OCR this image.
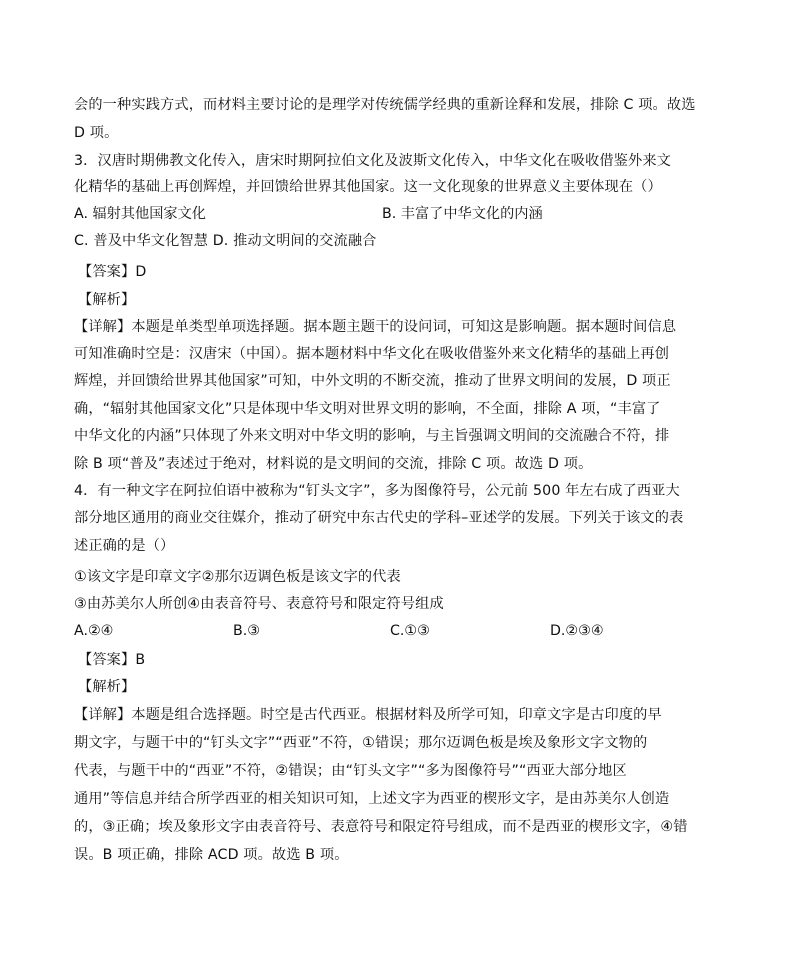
会的一种实践方式，而材料主要讨论的是理学对传统儒学经典的重新诠释和发展，排除 C 项。故选
D 项。
3．汉唐时期佛教文化传入，唐宋时期阿拉伯文化及波斯文化传入，中华文化在吸收借鉴外来文
化精华的基础上再创辉煌，并回馈给世界其他国家。这一文化现象的世界意义主要体现在（）
A. 辐射其他国家文化	B. 丰富了中华文化的内涵
C. 普及中华文化智慧 D. 推动文明间的交流融合
【答案】D
【解析】
【详解】本题是单类型单项选择题。据本题主题干的设问词，可知这是影响题。据本题时间信息
可知准确时空是：汉唐宋（中国）。据本题材料中华文化在吸收借鉴外来文化精华的基础上再创
辉煌，并回馈给世界其他国家”可知，中外文明的不断交流，推动了世界文明间的发展，D 项正
确，“辐射其他国家文化”只是体现中华文明对世界文明的影响，不全面，排除 A 项，“丰富了
中华文化的内涵”只体现了外来文明对中华文明的影响，与主旨强调文明间的交流融合不符，排
除 B 项“普及”表述过于绝对，材料说的是文明间的交流，排除 C 项。故选 D 项。
4．有一种文字在阿拉伯语中被称为“钉头文字”，多为图像符号，公元前 500 年左右成了西亚大
部分地区通用的商业交往媒介，推动了研究中东古代史的学科–亚述学的发展。下列关于该文的表
述正确的是（）
①该文字是印章文字②那尔迈调色板是该文字的代表
③由苏美尔人所创④由表音符号、表意符号和限定符号组成
A.②④	B.③	C.①③	D.②③④
【答案】B
【解析】
【详解】本题是组合选择题。时空是古代西亚。根据材料及所学可知，印章文字是古印度的早
期文字，与题干中的“钉头文字”“西亚”不符，①错误；那尔迈调色板是埃及象形文字文物的
代表，与题干中的“西亚”不符，②错误；由“钉头文字”“多为图像符号”“西亚大部分地区
通用”等信息并结合所学西亚的相关知识可知，上述文字为西亚的楔形文字，是由苏美尔人创造
的，③正确；埃及象形文字由表音符号、表意符号和限定符号组成，而不是西亚的楔形文字，④错
误。B 项正确，排除 ACD 项。故选 B 项。
